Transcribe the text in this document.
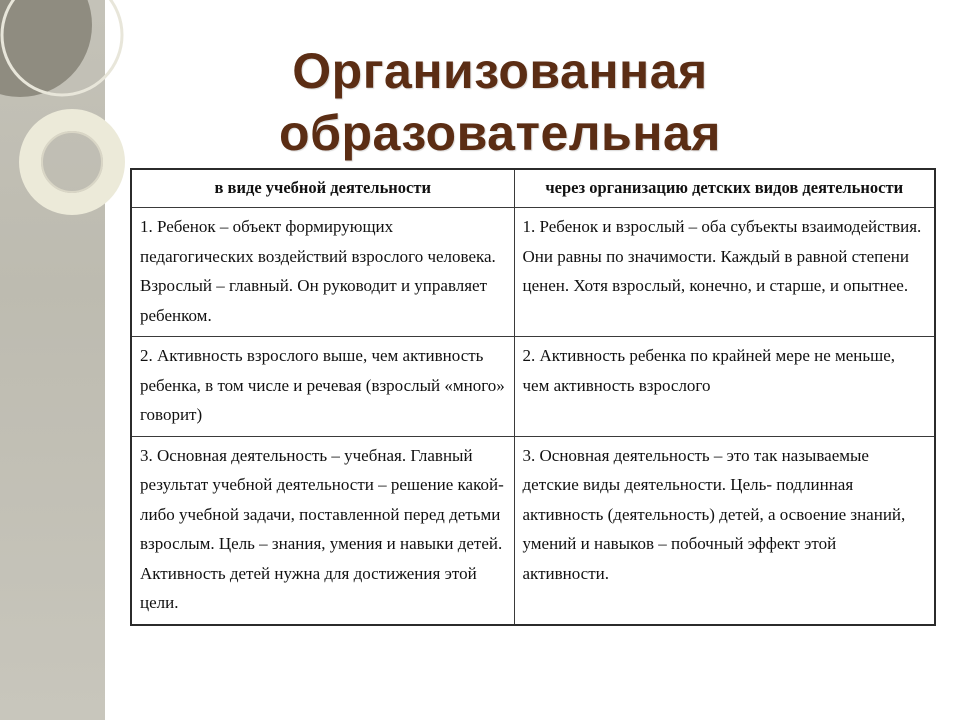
Организованная
образовательная
в виде учебной деятельности	через организацию детских видов деятельности
1. Ребенок – объект формирующих педагогических воздействий взрослого человека. Взрослый – главный. Он руководит и управляет ребенком.	1. Ребенок и взрослый – оба субъекты взаимодействия. Они равны по значимости. Каждый в равной степени ценен. Хотя взрослый, конечно, и старше, и опытнее.
2. Активность взрослого выше, чем активность ребенка, в том числе и речевая (взрослый «много» говорит)	2. Активность ребенка по крайней мере не меньше, чем активность взрослого
3. Основная деятельность – учебная. Главный результат учебной деятельности – решение какой-либо учебной задачи, поставленной перед детьми взрослым. Цель – знания, умения и навыки детей. Активность детей нужна для достижения этой цели.	3. Основная деятельность – это так называемые детские виды деятельности. Цель- подлинная активность (деятельность) детей, а освоение знаний, умений и навыков – побочный эффект этой активности.
